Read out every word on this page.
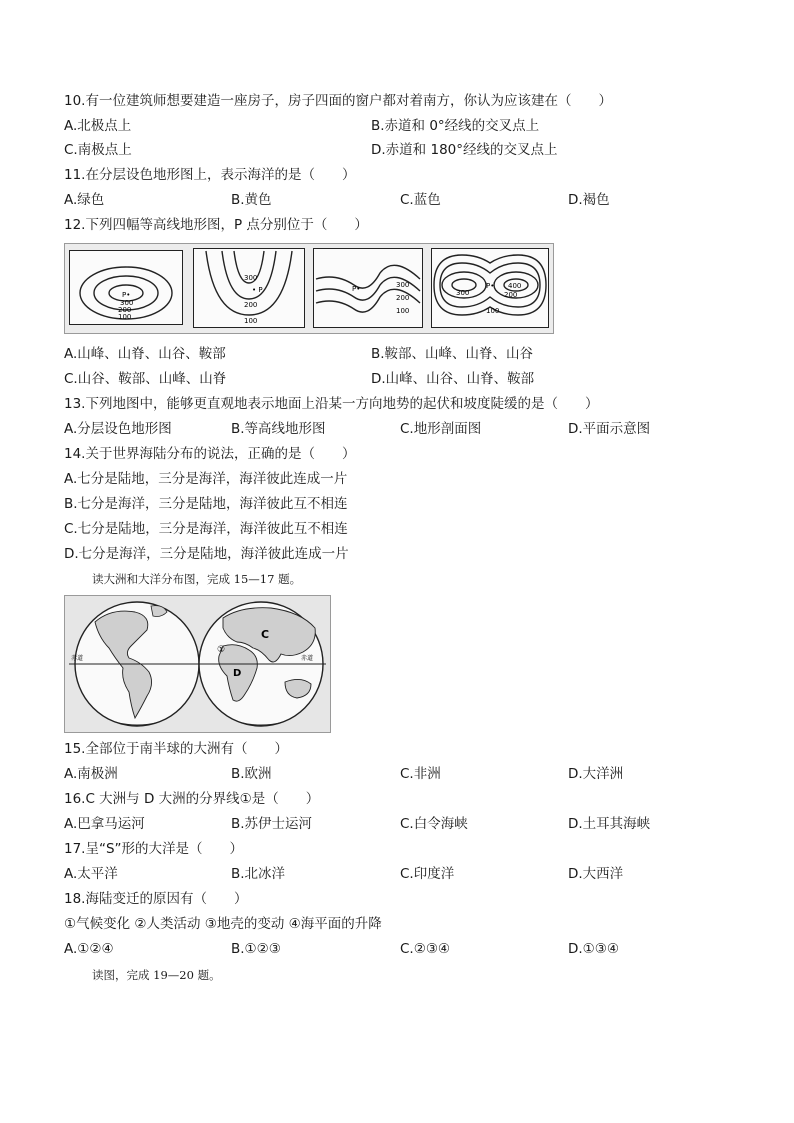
10.有一位建筑师想要建造一座房子，房子四面的窗户都对着南方，你认为应该建在（　　）
A.北极点上	B.赤道和 0°经线的交叉点上
C.南极点上	D.赤道和 180°经线的交叉点上
11.在分层设色地形图上，表示海洋的是（　　）
A.绿色	B.黄色	C.蓝色	D.褐色
12.下列四幅等高线地形图，P 点分别位于（　　）
P•
300
200
100
300
• P
200
100
P•	300
200
100
P•
300
400
200
100
A.山峰、山脊、山谷、鞍部	B.鞍部、山峰、山脊、山谷
C.山谷、鞍部、山峰、山脊	D.山峰、山谷、山脊、鞍部
13.下列地图中，能够更直观地表示地面上沿某一方向地势的起伏和坡度陡缓的是（　　）
A.分层设色地形图	B.等高线地形图	C.地形剖面图	D.平面示意图
14.关于世界海陆分布的说法，正确的是（　　）
A.七分是陆地，三分是海洋，海洋彼此连成一片
B.七分是海洋，三分是陆地，海洋彼此互不相连
C.七分是陆地，三分是海洋，海洋彼此互不相连
D.七分是海洋，三分是陆地，海洋彼此连成一片
读大洲和大洋分布图，完成 15—17 题。
赤道	赤道
C
D
①
15.全部位于南半球的大洲有（　　）
A.南极洲	B.欧洲	C.非洲	D.大洋洲
16.C 大洲与 D 大洲的分界线①是（　　）
A.巴拿马运河	B.苏伊士运河	C.白令海峡	D.土耳其海峡
17.呈“S”形的大洋是（　　）
A.太平洋	B.北冰洋	C.印度洋	D.大西洋
18.海陆变迁的原因有（　　）
①气候变化 ②人类活动 ③地壳的变动 ④海平面的升降
A.①②④	B.①②③	C.②③④	D.①③④
读图，完成 19—20 题。
